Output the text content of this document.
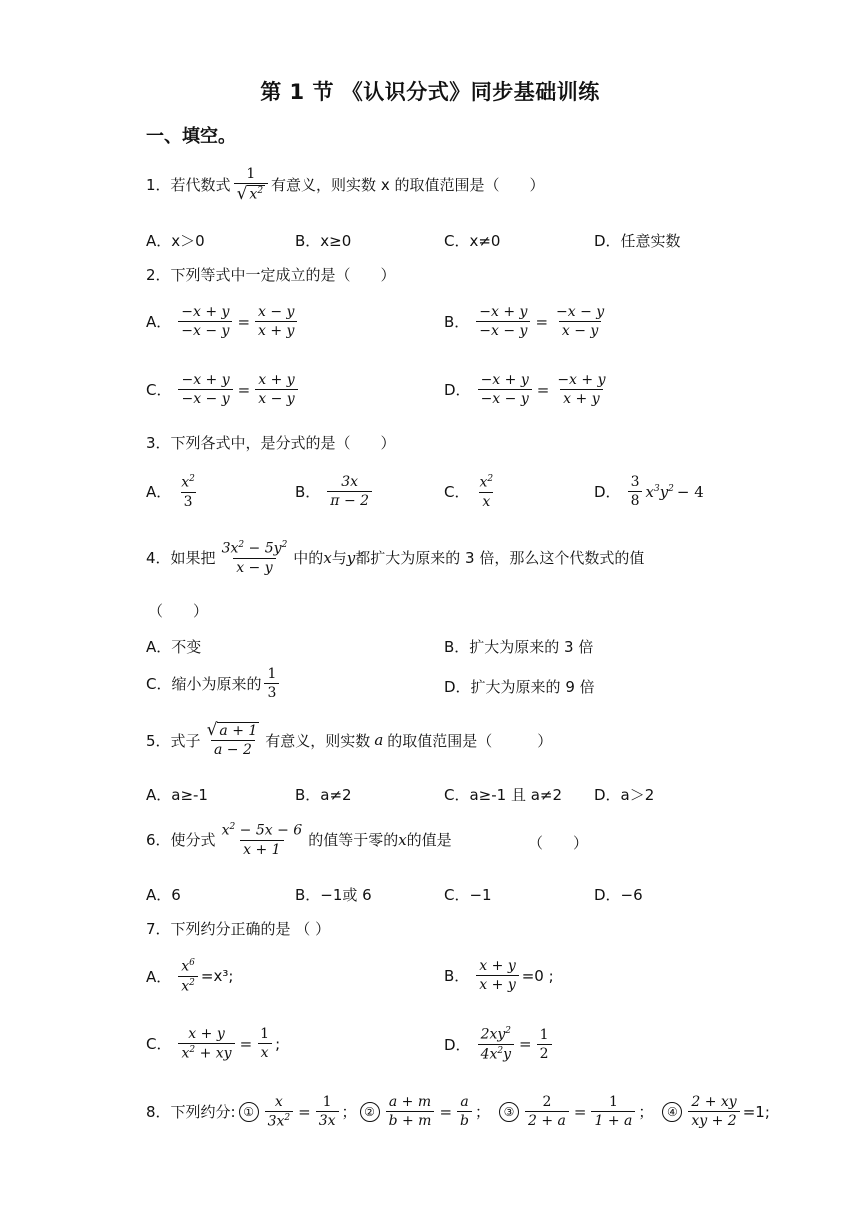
第 1 节 《认识分式》同步基础训练
一、填空。
1． 若代数式 $\frac{1}{√ x^2}$ 有意义，则实数 x 的取值范围是（　　）
A．x＞0	B．x≥0	C．x≠0	D．任意实数
2．下列等式中一定成立的是（　　）
A． $\frac{-x + y}{-x - y} = \frac{x - y}{x + y}$	B． $\frac{-x + y}{-x - y} = \frac{-x - y}{x - y}$
C． $\frac{-x + y}{-x - y} = \frac{x + y}{x - y}$	D． $\frac{-x + y}{-x - y} = \frac{-x + y}{x + y}$
3．下列各式中，是分式的是（　　）
A． $\frac{x^2}{3}$	B． $\frac{3x}{\pi - 2}$	C． $\frac{x^2}{x}$	D． $\frac{3}{8} x^3y^2 - 4$
4． 如果把 $\frac{3x^2 - 5y^2}{x - y}$ 中的 x 与 y 都扩大为原来的 3 倍，那么这个代数式的值
（　　）
A．不变	B．扩大为原来的 3 倍
C．缩小为原来的 $\frac{1}{3}$	D．扩大为原来的 9 倍
5． 式子 $\frac{√ a + 1}{a - 2}$ 有意义，则实数 a 的取值范围是（　　　）
A．a≥-1	B．a≠2	C．a≥-1 且 a≠2 D．a＞2
6． 使分式 $\frac{x^2 - 5x - 6}{x + 1}$ 的值等于零的 x 的值是	（　　）
A．6	B．−1或 6	C．−1	D．−6
7．下列约分正确的是 （ ）
A． $\frac{x^6}{x^2} =x^3$;	B． $\frac{x + y}{x + y} =0$ ;
C． $\frac{x + y}{x^2 + xy} = \frac{1}{x}$ ;	D． $\frac{2xy^2}{4x^2y} = \frac{1}{2}$
8．下列约分: ① $\frac{x}{3x^2} = \frac{1}{3x}$ ； ② $\frac{a + m}{b + m} = \frac{a}{b}$ ；	③ $\frac{2}{2 + a} = \frac{1}{1 + a}$ ；	④ $\frac{2 + xy}{xy + 2} =1$;
